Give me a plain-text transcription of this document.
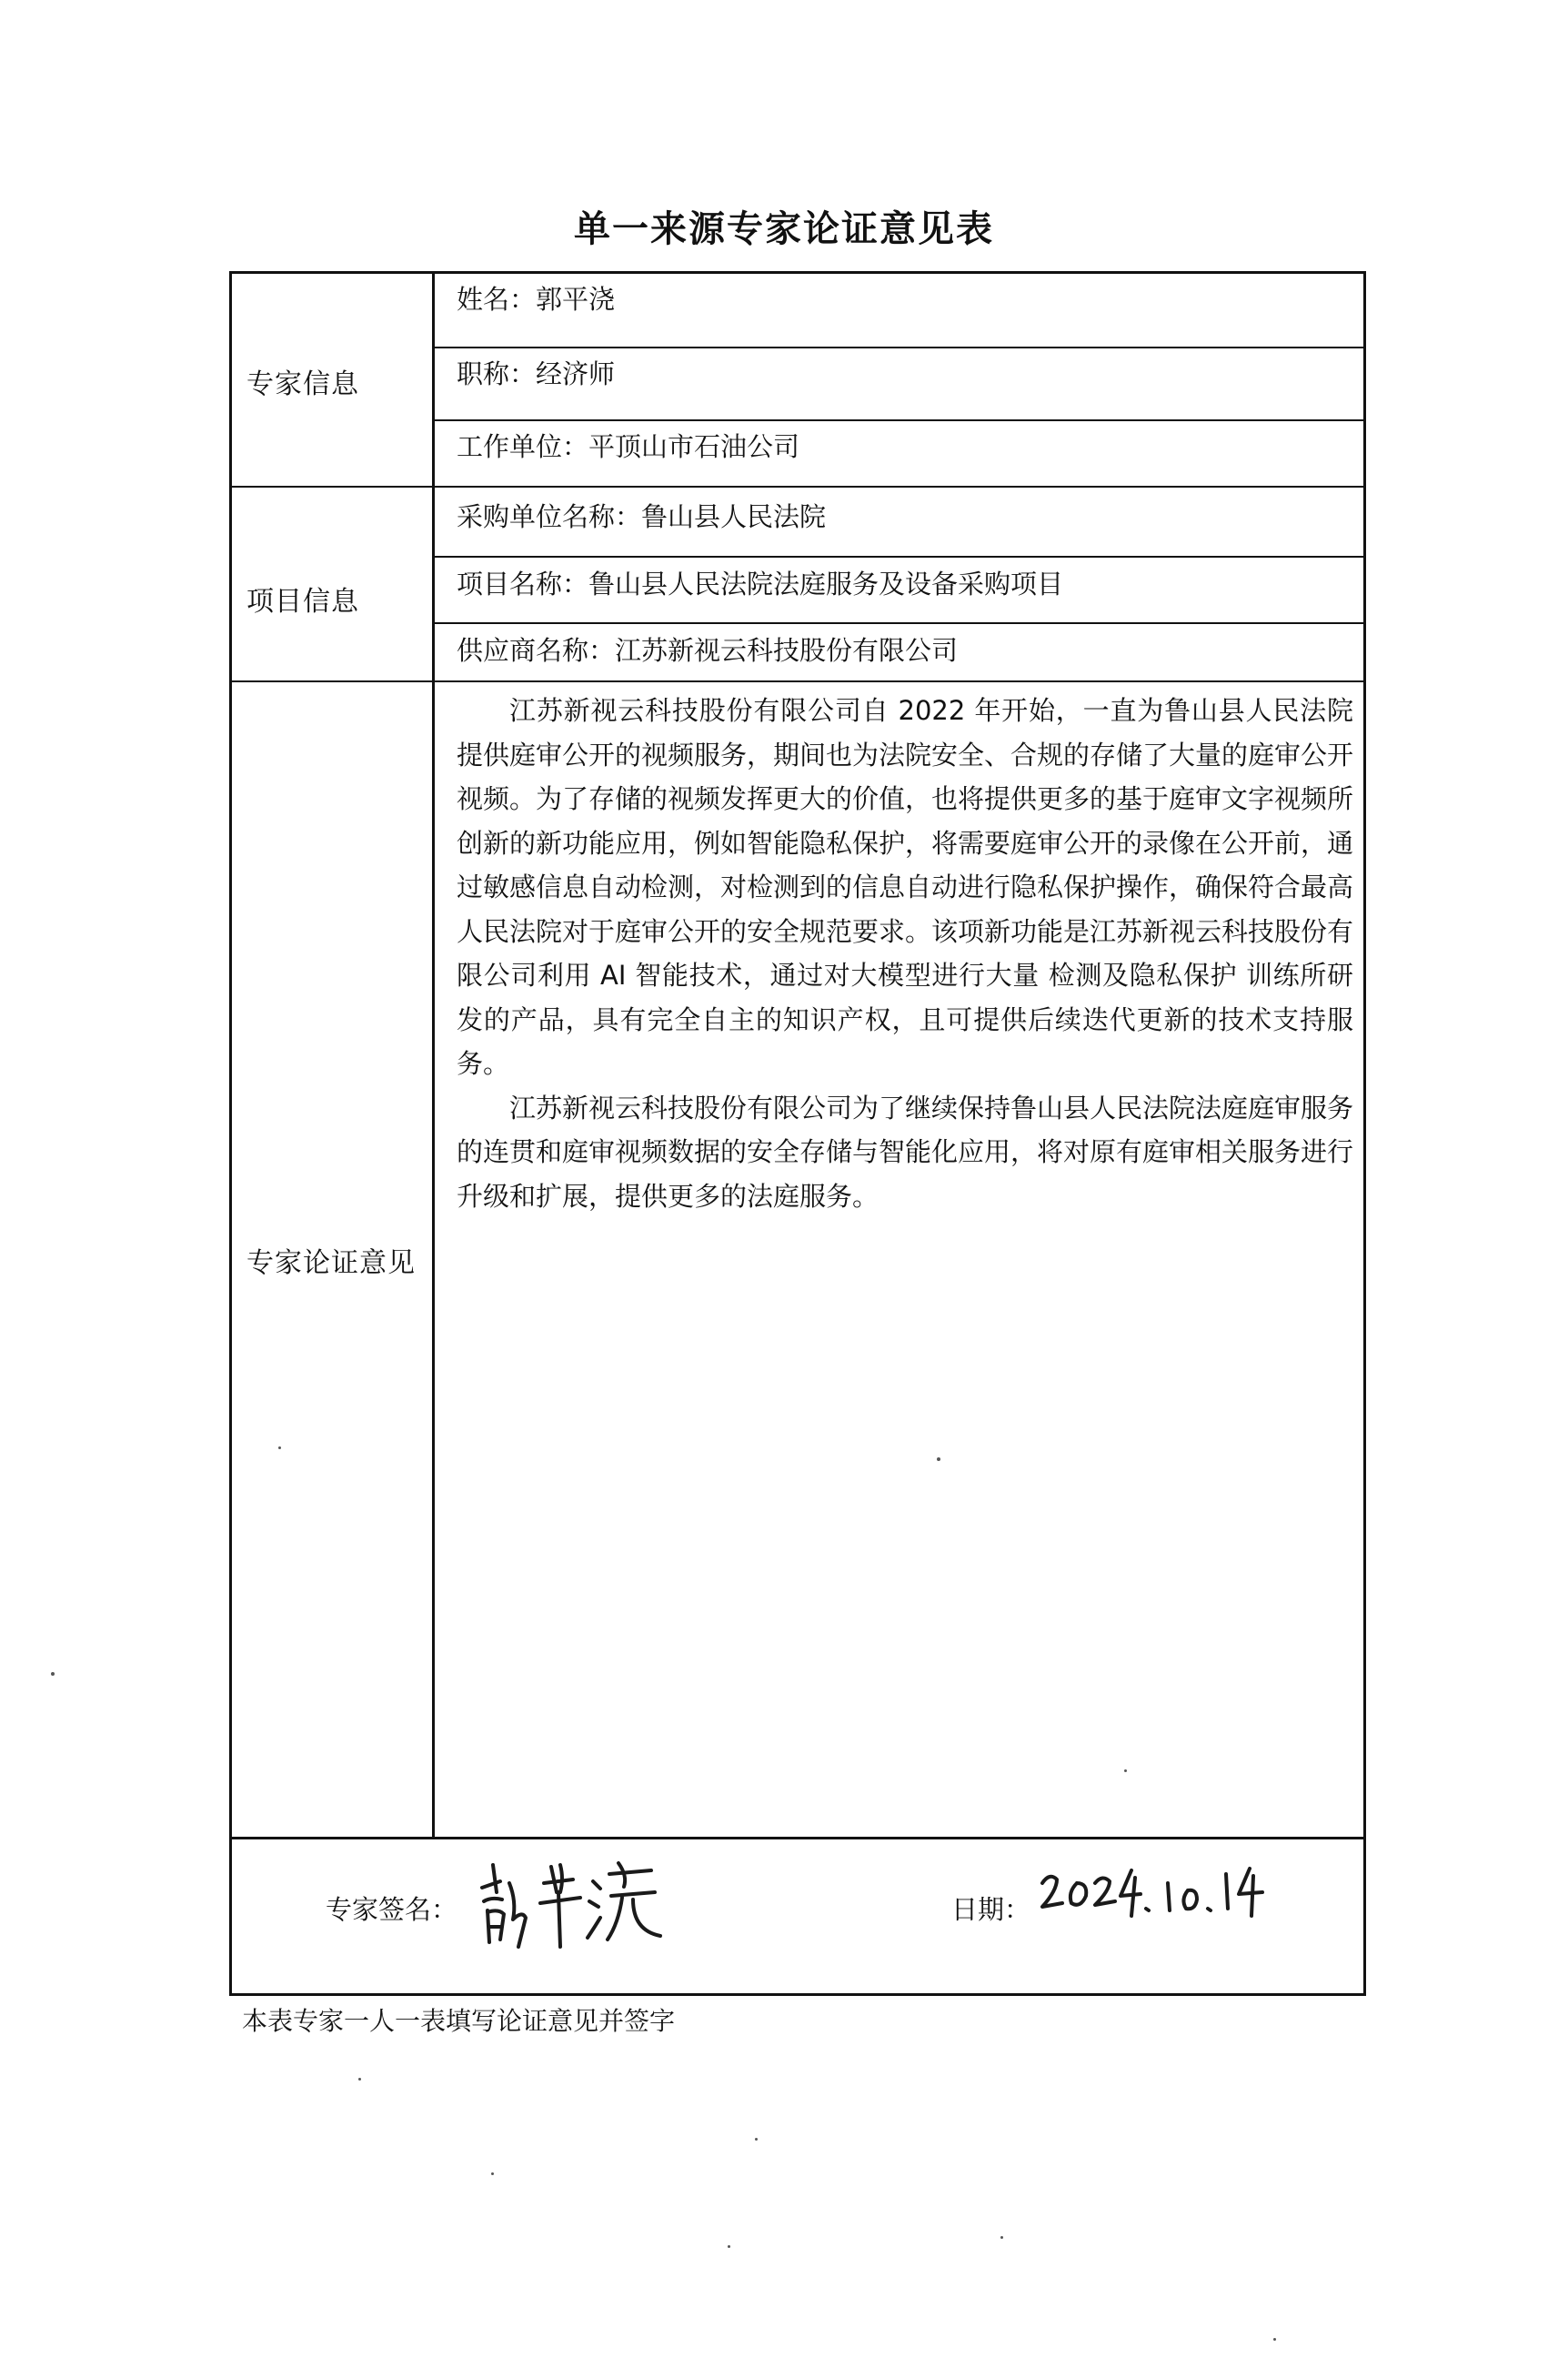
单一来源专家论证意见表
专家信息
项目信息
专家论证意见
姓名：郭平浇
职称：经济师
工作单位：平顶山市石油公司
采购单位名称：鲁山县人民法院
项目名称：鲁山县人民法院法庭服务及设备采购项目
供应商名称：江苏新视云科技股份有限公司

江苏新视云科技股份有限公司自 2022 年开始，一直为鲁山县人民法院提供庭审公开的视频服务，期间也为法院安全、合规的存储了大量的庭审公开视频。为了存储的视频发挥更大的价值，也将提供更多的基于庭审文字视频所创新的新功能应用，例如智能隐私保护，将需要庭审公开的录像在公开前，通过敏感信息自动检测，对检测到的信息自动进行隐私保护操作，确保符合最高人民法院对于庭审公开的安全规范要求。该项新功能是江苏新视云科技股份有限公司利用 AI 智能技术，通过对大模型进行大量 检测及隐私保护 训练所研发的产品，具有完全自主的知识产权，且可提供后续迭代更新的技术支持服务。

江苏新视云科技股份有限公司为了继续保持鲁山县人民法院法庭庭审服务的连贯和庭审视频数据的安全存储与智能化应用，将对原有庭审相关服务进行升级和扩展，提供更多的法庭服务。

专家签名：	日期：
本表专家一人一表填写论证意见并签字
